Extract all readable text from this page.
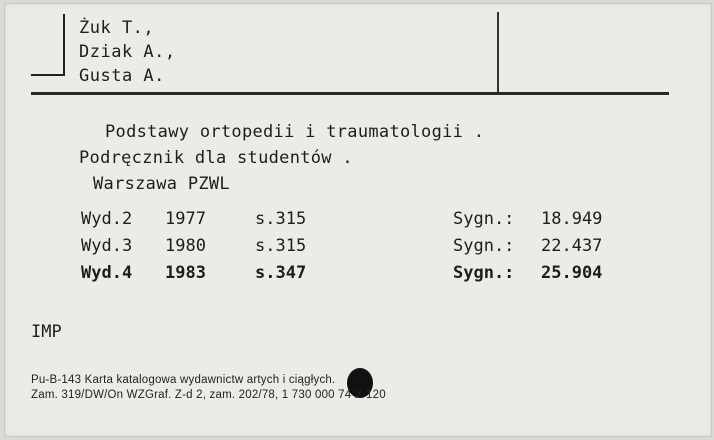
Żuk T.,
Dziak A.,
Gusta A.
Podstawy ortopedii i traumatologii .
Podręcznik dla studentów .
Warszawa PZWL
Wyd.2 1977	s.315	Sygn.: 18.949
Wyd.3 1980	s.315	Sygn.: 22.437
Wyd.4 1983	s.347	Sygn.: 25.904
IMP
Pu-B-143 Karta katalogowa wydawnictw artych i ciągłych.
Zam. 319/DW/On WZGraf. Z-d 2, zam. 202/78, 1 730 000 74 X 120
